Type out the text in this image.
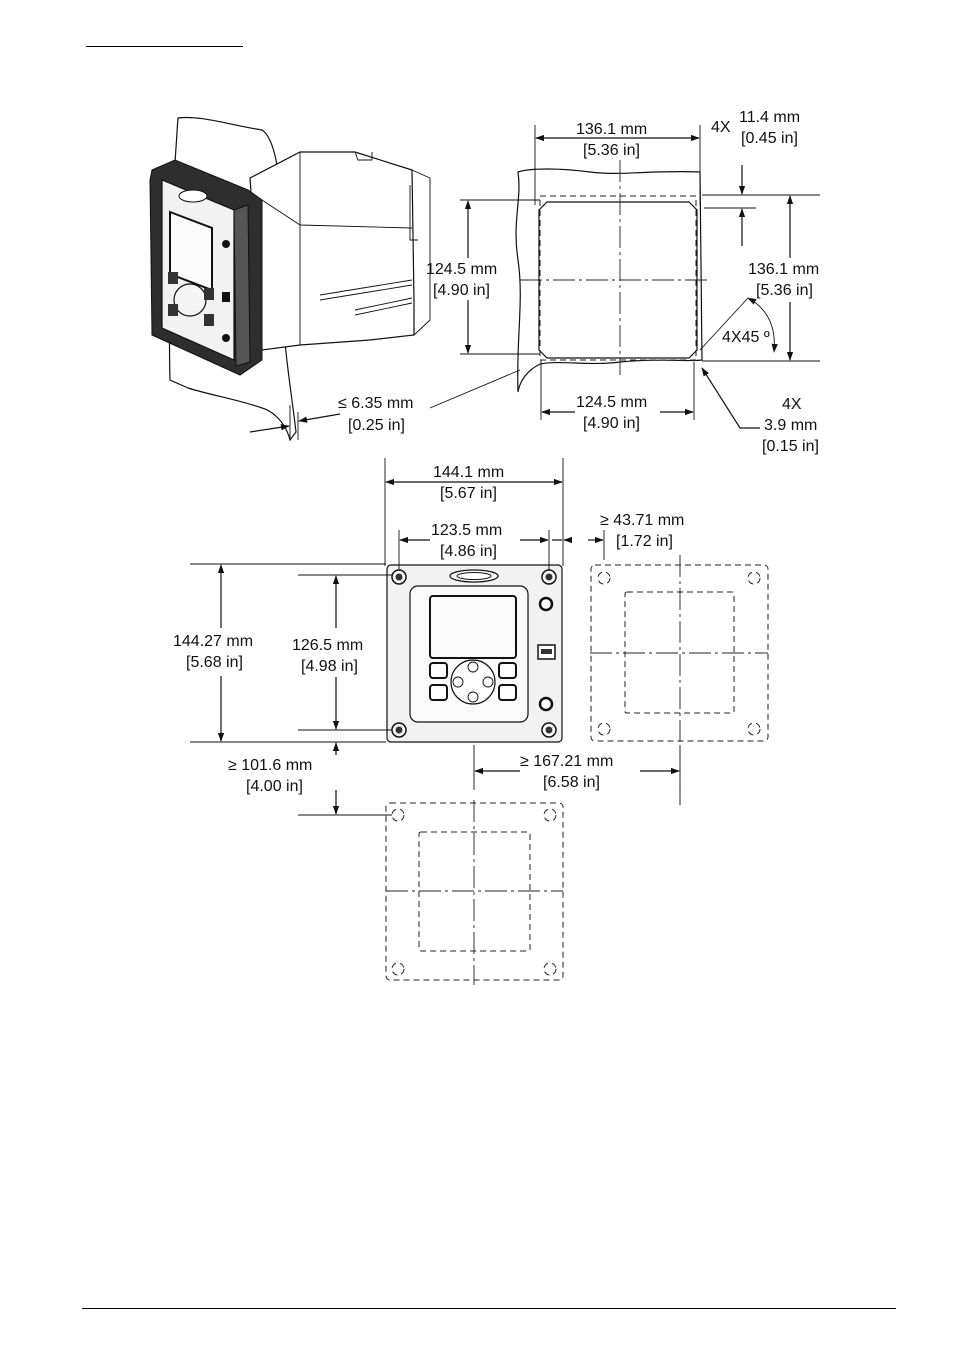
≤ 6.35 mm
[0.25 in]
136.1 mm
[5.36 in]
124.5 mm
[4.90 in]
136.1 mm
[5.36 in]
4X
11.4 mm
[0.45 in]
4X45 º
124.5 mm
[4.90 in]
4X
3.9 mm
[0.15 in]
144.1 mm
[5.67 in]
123.5 mm
[4.86 in]
≥ 43.71 mm
[1.72 in]
144.27 mm
[5.68 in]
126.5 mm
[4.98 in]
≥ 101.6 mm
[4.00 in]
≥ 167.21 mm
[6.58 in]
